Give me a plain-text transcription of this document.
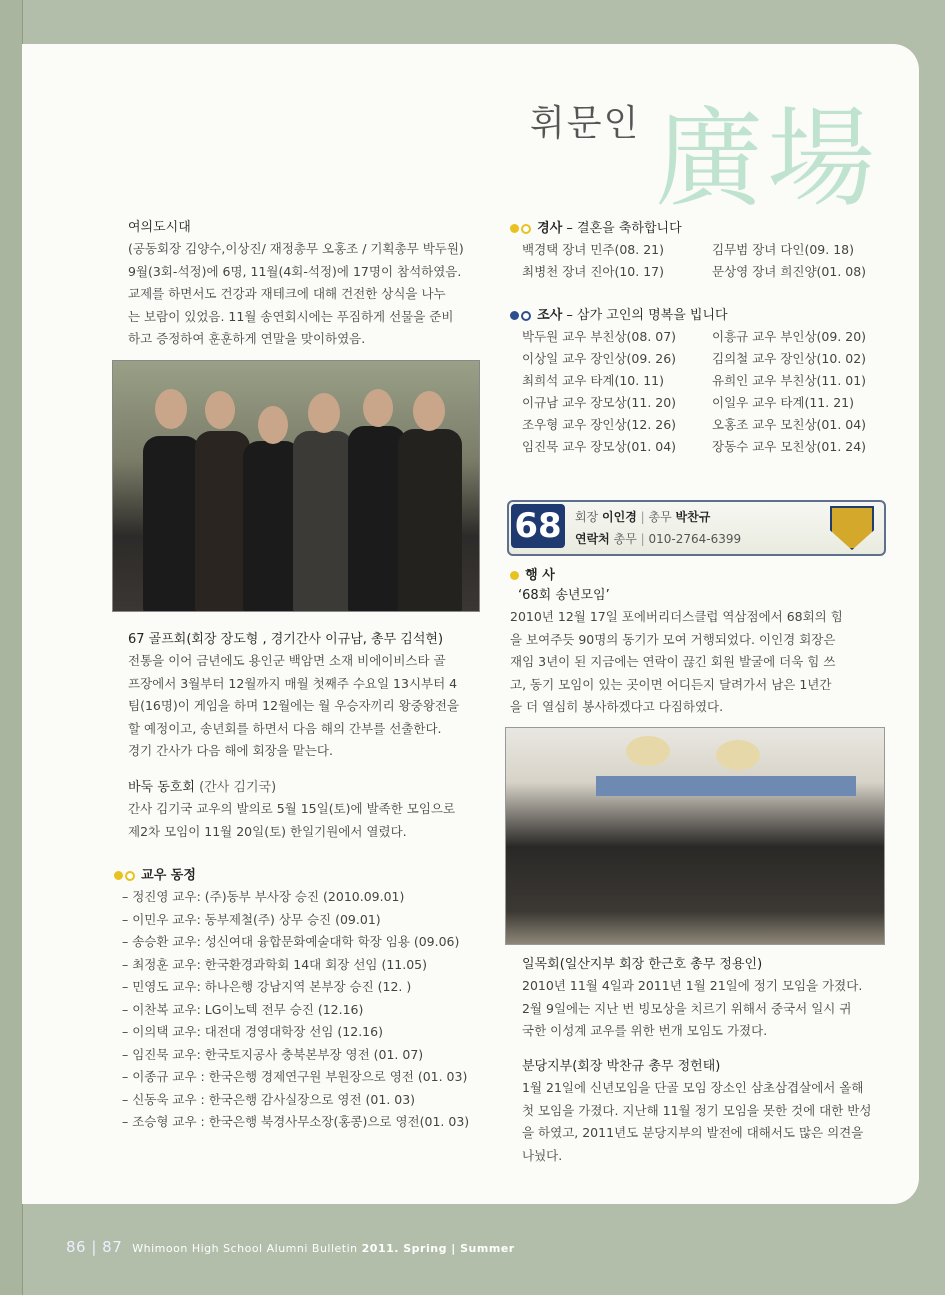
휘문인 廣場
여의도시대
(공동회장 김양수,이상진/ 재정총무 오홍조 / 기획총무 박두원)
9월(3회-석정)에 6명, 11월(4회-석정)에 17명이 참석하였음.
교제를 하면서도 건강과 재테크에 대해 건전한 상식을 나누
는 보람이 있었음. 11월 송연회시에는 푸짐하게 선물을 준비
하고 증정하여 훈훈하게 연말을 맞이하였음.
67 골프회(회장 장도형 , 경기간사 이규남, 총무 김석현)
전통을 이어 금년에도 용인군 백암면 소재 비에이비스타 골
프장에서 3월부터 12월까지 매월 첫째주 수요일 13시부터 4
팀(16명)이 게임을 하며 12월에는 월 우승자끼리 왕중왕전을
할 예정이고, 송년회를 하면서 다음 해의 간부를 선출한다.
경기 간사가 다음 해에 회장을 맡는다.
바둑 동호회 (간사 김기국)
간사 김기국 교우의 발의로 5월 15일(토)에 발족한 모임으로
제2차 모임이 11월 20일(토) 한일기원에서 열렸다.
교우 동정
– 정진영 교우: (주)동부 부사장 승진 (2010.09.01)
– 이민우 교우: 동부제철(주) 상무 승진 (09.01)
– 송승환 교우: 성신여대 융합문화예술대학 학장 임용 (09.06)
– 최정훈 교우: 한국환경과학회 14대 회장 선임 (11.05)
– 민영도 교우: 하나은행 강남지역 본부장 승진 (12. )
– 이찬복 교우: LG이노텍 전무 승진 (12.16)
– 이의택 교우: 대전대 경영대학장 선임 (12.16)
– 임진묵 교우: 한국토지공사 충북본부장 영전 (01. 07)
– 이종규 교우 : 한국은행 경제연구원 부원장으로 영전 (01. 03)
– 신동욱 교우 : 한국은행 감사실장으로 영전 (01. 03)
– 조승형 교우 : 한국은행 북경사무소장(홍콩)으로 영전(01. 03)
경사 – 결혼을 축하합니다
백경택 장녀 민주(08. 21)	김무범 장녀 다인(09. 18)
최병천 장녀 진아(10. 17)	문상영 장녀 희진양(01. 08)
조사 – 삼가 고인의 명복을 빕니다
박두원 교우 부친상(08. 07)	이흥규 교우 부인상(09. 20)
이상일 교우 장인상(09. 26)	김의철 교우 장인상(10. 02)
최희석 교우 타계(10. 11)	유희인 교우 부친상(11. 01)
이규남 교우 장모상(11. 20)	이일우 교우 타계(11. 21)
조우형 교우 장인상(12. 26)	오홍조 교우 모친상(01. 04)
임진묵 교우 장모상(01. 04)	장동수 교우 모친상(01. 24)
68 회장 이인경 | 총무 박찬규
연락처 총무 | 010-2764-6399
행 사
‘68회 송년모임’
2010년 12월 17일 포에버리더스클럽 역삼점에서 68회의 힘
을 보여주듯 90명의 동기가 모여 거행되었다. 이인경 회장은
재임 3년이 된 지금에는 연락이 끊긴 회원 발굴에 더욱 힘 쓰
고, 동기 모임이 있는 곳이면 어디든지 달려가서 남은 1년간
을 더 열심히 봉사하겠다고 다짐하였다.
일목회(일산지부 회장 한근호 총무 정용인)
2010년 11월 4일과 2011년 1월 21일에 정기 모임을 가졌다.
2월 9일에는 지난 번 빙모상을 치르기 위해서 중국서 일시 귀
국한 이성계 교우를 위한 번개 모임도 가졌다.
분당지부(회장 박찬규 총무 정헌태)
1월 21일에 신년모임을 단골 모임 장소인 삼초삼겹살에서 올해
첫 모임을 가졌다. 지난해 11월 정기 모임을 못한 것에 대한 반성
을 하였고, 2011년도 분당지부의 발전에 대해서도 많은 의견을
나눴다.
86 | 87 Whimoon High School Alumni Bulletin 2011. Spring | Summer
